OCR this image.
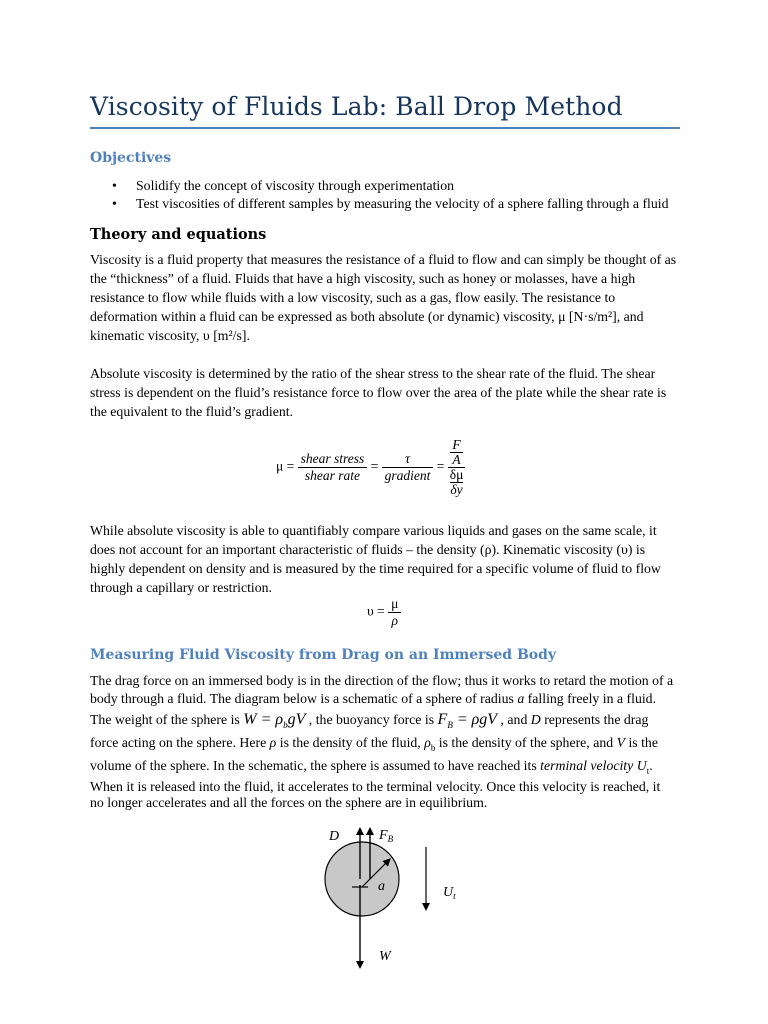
Viscosity of Fluids Lab: Ball Drop Method
Objectives
• Solidify the concept of viscosity through experimentation
• Test viscosities of different samples by measuring the velocity of a sphere falling through a fluid
Theory and equations
Viscosity is a fluid property that measures the resistance of a fluid to flow and can simply be thought of as
the “thickness” of a fluid. Fluids that have a high viscosity, such as honey or molasses, have a high
resistance to flow while fluids with a low viscosity, such as a gas, flow easily. The resistance to
deformation within a fluid can be expressed as both absolute (or dynamic) viscosity, μ [N·s/m²], and
kinematic viscosity, υ [m²/s].
Absolute viscosity is determined by the ratio of the shear stress to the shear rate of the fluid. The shear
stress is dependent on the fluid’s resistance force to flow over the area of the plate while the shear rate is
the equivalent to the fluid’s gradient.
$\mu = \frac{\text{shear stress}}{\text{shear rate}} = \frac{\tau}{\text{gradient}} = F$
A
δμ
δy
While absolute viscosity is able to quantifiably compare various liquids and gases on the same scale, it
does not account for an important characteristic of fluids – the density (ρ). Kinematic viscosity (υ) is
highly dependent on density and is measured by the time required for a specific volume of fluid to flow
through a capillary or restriction.
$\upsilon = \frac{\mu}{\rho}$
Measuring Fluid Viscosity from Drag on an Immersed Body
The drag force on an immersed body is in the direction of the flow; thus it works to retard the motion of a
body through a fluid. The diagram below is a schematic of a sphere of radius a falling freely in a fluid.
The weight of the sphere is $W = \rho_bgV$ , the buoyancy force is $F_B = \rho gV$ , and D represents the drag
force acting on the sphere. Here ρ is the density of the fluid, $\rho_b$ is the density of the sphere, and V is the
volume of the sphere. In the schematic, the sphere is assumed to have reached its terminal velocity $U_t$.
When it is released into the fluid, it accelerates to the terminal velocity. Once this velocity is reached, it
no longer accelerates and all the forces on the sphere are in equilibrium.
D	$F_B$
a	$U_t$
W
